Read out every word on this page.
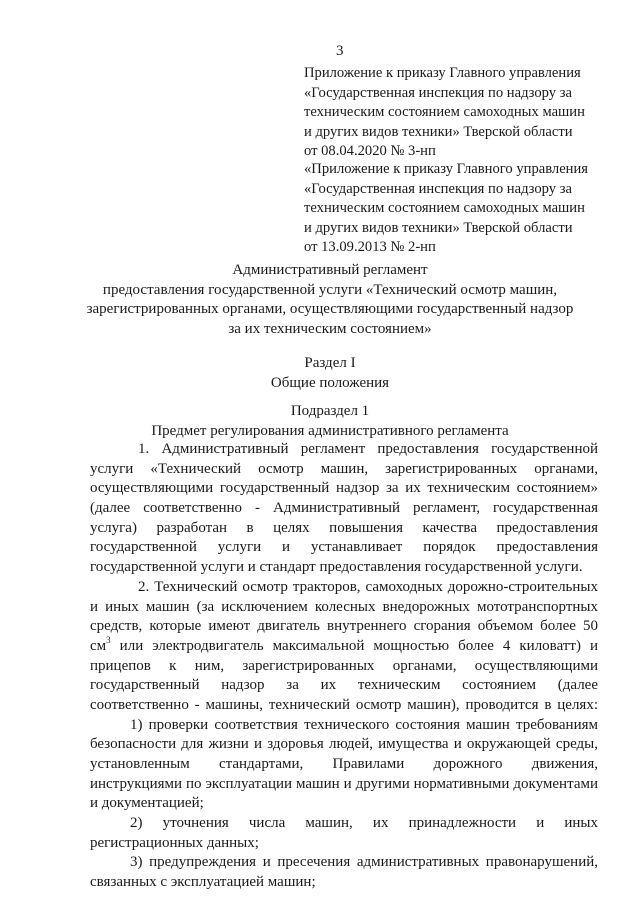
3
Приложение к приказу Главного управления
«Государственная инспекция по надзору за
техническим состоянием самоходных машин
и других видов техники» Тверской области
от 08.04.2020 № 3-нп
«Приложение к приказу Главного управления
«Государственная инспекция по надзору за
техническим состоянием самоходных машин
и других видов техники» Тверской области
от 13.09.2013 № 2-нп
Административный регламент
предоставления государственной услуги «Технический осмотр машин,
зарегистрированных органами, осуществляющими государственный надзор
за их техническим состоянием»
Раздел I
Общие положения
Подраздел 1
Предмет регулирования административного регламента
1. Административный регламент предоставления государственной
услуги «Технический осмотр машин, зарегистрированных органами,
осуществляющими государственный надзор за их техническим состоянием»
(далее соответственно - Административный регламент, государственная
услуга) разработан в целях повышения качества предоставления
государственной услуги и устанавливает порядок предоставления
государственной услуги и стандарт предоставления государственной услуги.
2. Технический осмотр тракторов, самоходных дорожно-строительных
и иных машин (за исключением колесных внедорожных мототранспортных
средств, которые имеют двигатель внутреннего сгорания объемом более 50
$см^3$ или электродвигатель максимальной мощностью более 4 киловатт) и
прицепов к ним, зарегистрированных органами, осуществляющими
государственный надзор за их техническим состоянием (далее
соответственно - машины, технический осмотр машин), проводится в целях:
1) проверки соответствия технического состояния машин требованиям
безопасности для жизни и здоровья людей, имущества и окружающей среды,
установленным стандартами, Правилами дорожного движения,
инструкциями по эксплуатации машин и другими нормативными документами
и документацией;
2) уточнения числа машин, их принадлежности и иных
регистрационных данных;
3) предупреждения и пресечения административных правонарушений,
связанных с эксплуатацией машин;
